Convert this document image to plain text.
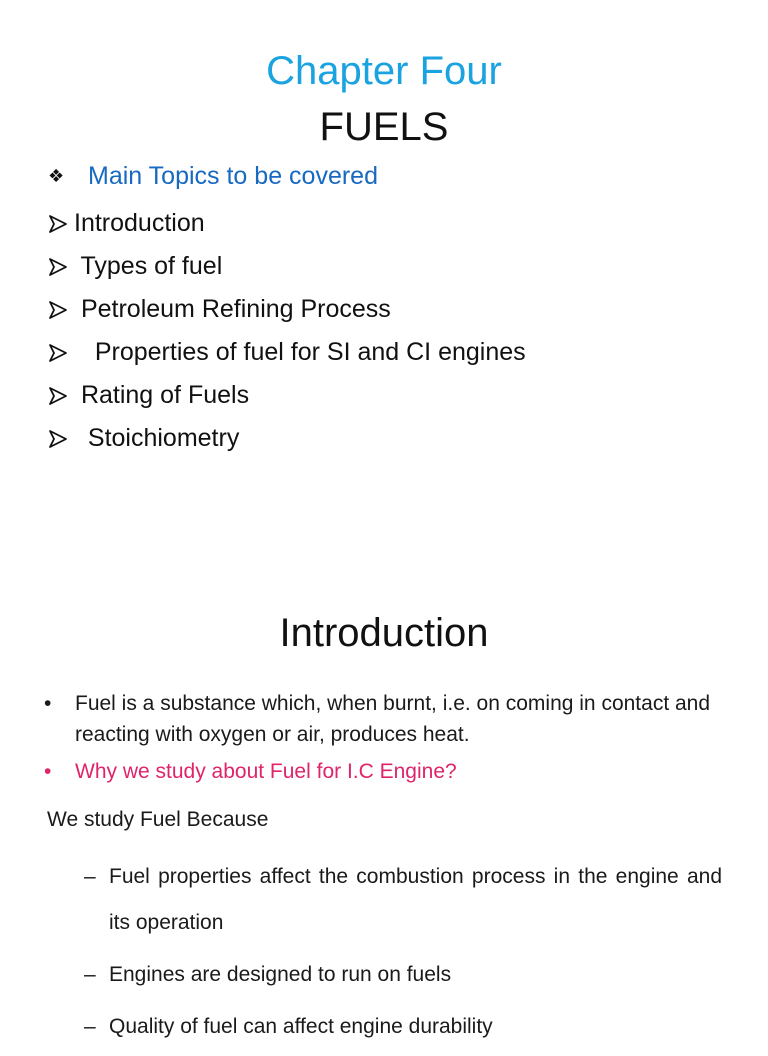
Chapter Four
FUELS
❖ Main Topics to be covered
Introduction
Types of fuel
Petroleum Refining Process
Properties of fuel for SI and CI engines
Rating of Fuels
Stoichiometry
Introduction
•	Fuel is a substance which, when burnt, i.e. on coming in contact and reacting with oxygen or air, produces heat.
•	Why we study about Fuel for I.C Engine?
We study Fuel Because
– Fuel properties affect the combustion process in the engine and its operation
– Engines are designed to run on fuels
– Quality of fuel can affect engine durability
